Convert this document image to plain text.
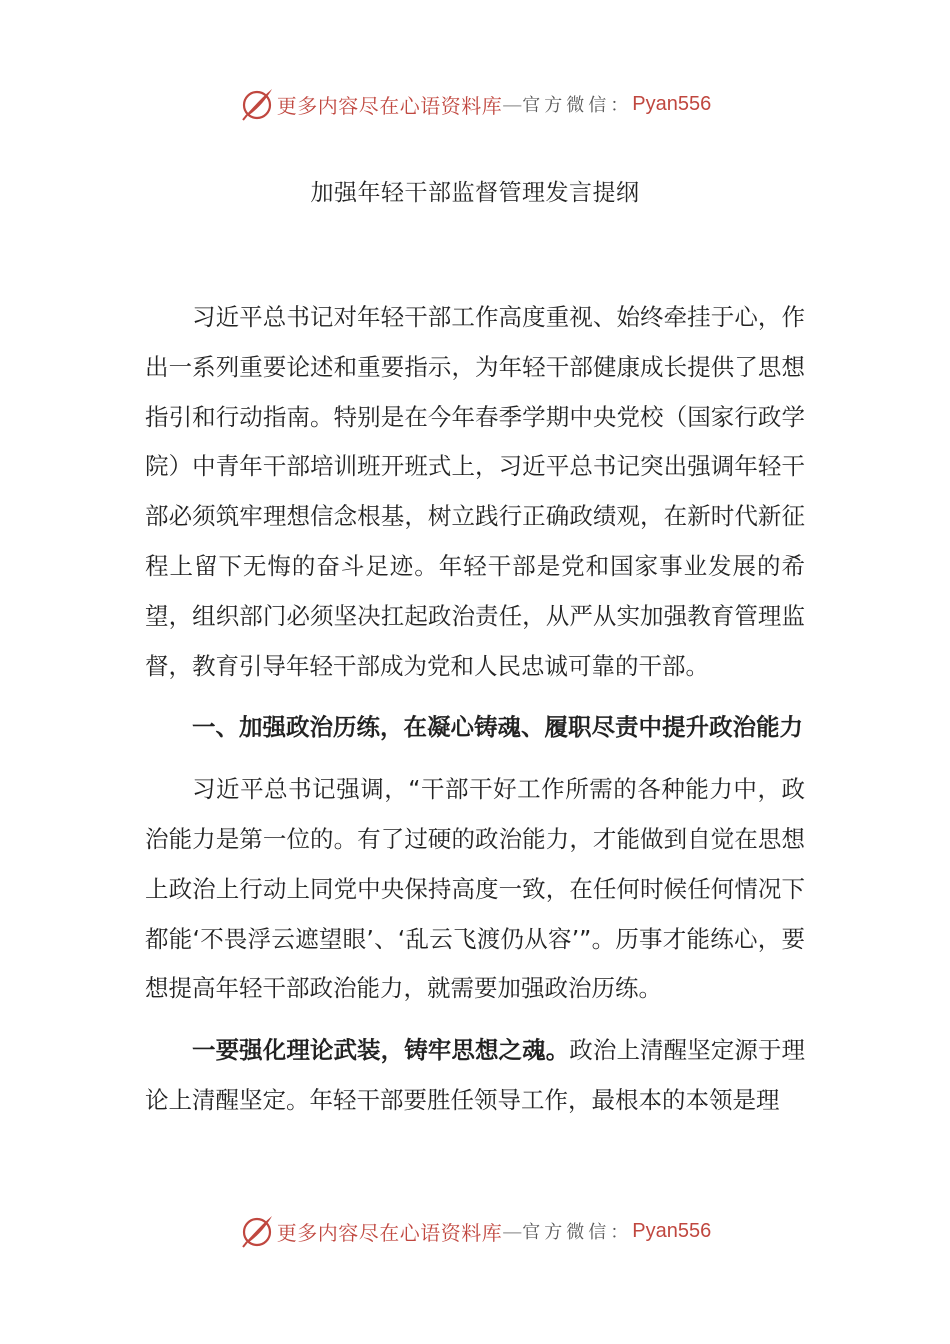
更多内容尽在心语资料库 — 官方微信： Pyan556
加强年轻干部监督管理发言提纲

习近平总书记对年轻干部工作高度重视、始终牵挂于心，作出一系列重要论述和重要指示，为年轻干部健康成长提供了思想指引和行动指南。特别是在今年春季学期中央党校（国家行政学院）中青年干部培训班开班式上，习近平总书记突出强调年轻干部必须筑牢理想信念根基，树立践行正确政绩观，在新时代新征程上留下无悔的奋斗足迹。年轻干部是党和国家事业发展的希望，组织部门必须坚决扛起政治责任，从严从实加强教育管理监督，教育引导年轻干部成为党和人民忠诚可靠的干部。

一、加强政治历练，在凝心铸魂、履职尽责中提升政治能力

习近平总书记强调，“干部干好工作所需的各种能力中，政治能力是第一位的。有了过硬的政治能力，才能做到自觉在思想上政治上行动上同党中央保持高度一致，在任何时候任何情况下都能‘不畏浮云遮望眼’、‘乱云飞渡仍从容’”。历事才能练心，要想提高年轻干部政治能力，就需要加强政治历练。

一要强化理论武装，铸牢思想之魂。政治上清醒坚定源于理论上清醒坚定。年轻干部要胜任领导工作，最根本的本领是理

更多内容尽在心语资料库 — 官方微信： Pyan556
